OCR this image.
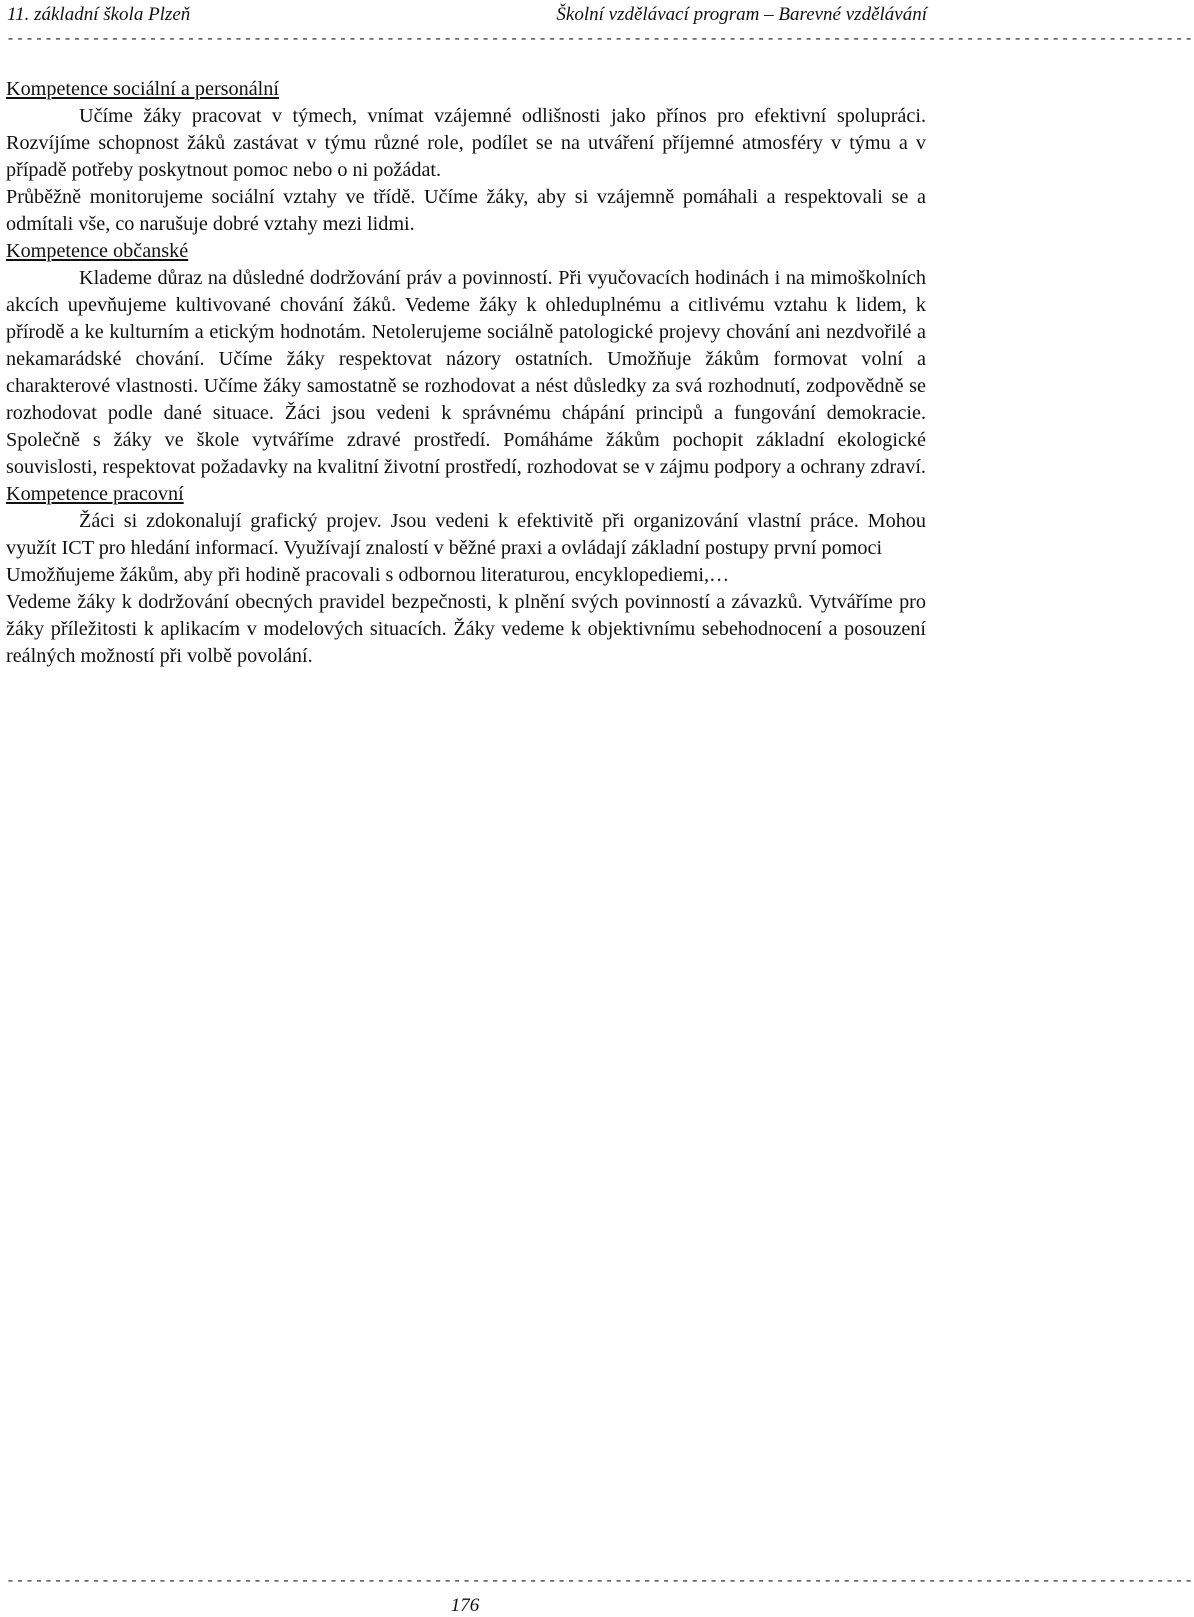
11. základní škola Plzeň	Školní vzdělávací program – Barevné vzdělávání
-----------------------------------------------------------------------------------------------------------------------------
Kompetence sociální a personální

Učíme žáky pracovat v týmech, vnímat vzájemné odlišnosti jako přínos pro efektivní spolupráci. Rozvíjíme schopnost žáků zastávat v týmu různé role, podílet se na utváření příjemné atmosféry v týmu a v případě potřeby poskytnout pomoc nebo o ni požádat.

Průběžně monitorujeme sociální vztahy ve třídě. Učíme žáky, aby si vzájemně pomáhali a respektovali se a odmítali vše, co narušuje dobré vztahy mezi lidmi.

Kompetence občanské

Klademe důraz na důsledné dodržování práv a povinností. Při vyučovacích hodinách i na mimoškolních akcích upevňujeme kultivované chování žáků. Vedeme žáky k ohleduplnému a citlivému vztahu k lidem, k přírodě a ke kulturním a etickým hodnotám. Netolerujeme sociálně patologické projevy chování ani nezdvořilé a nekamarádské chování. Učíme žáky respektovat názory ostatních. Umožňuje žákům formovat volní a charakterové vlastnosti. Učíme žáky samostatně se rozhodovat a nést důsledky za svá rozhodnutí, zodpovědně se rozhodovat podle dané situace. Žáci jsou vedeni k správnému chápání principů a fungování demokracie. Společně s žáky ve škole vytváříme zdravé prostředí. Pomáháme žákům pochopit základní ekologické souvislosti, respektovat požadavky na kvalitní životní prostředí, rozhodovat se v zájmu podpory a ochrany zdraví.

Kompetence pracovní

Žáci si zdokonalují grafický projev. Jsou vedeni k efektivitě při organizování vlastní práce. Mohou využít ICT pro hledání informací. Využívají znalostí v běžné praxi a ovládají základní postupy první pomoci

Umožňujeme žákům, aby při hodině pracovali s odbornou literaturou, encyklopediemi,…

Vedeme žáky k dodržování obecných pravidel bezpečnosti, k plnění svých povinností a závazků. Vytváříme pro žáky příležitosti k aplikacím v modelových situacích. Žáky vedeme k objektivnímu sebehodnocení a posouzení reálných možností při volbě povolání.

-----------------------------------------------------------------------------------------------------------------------------
176
